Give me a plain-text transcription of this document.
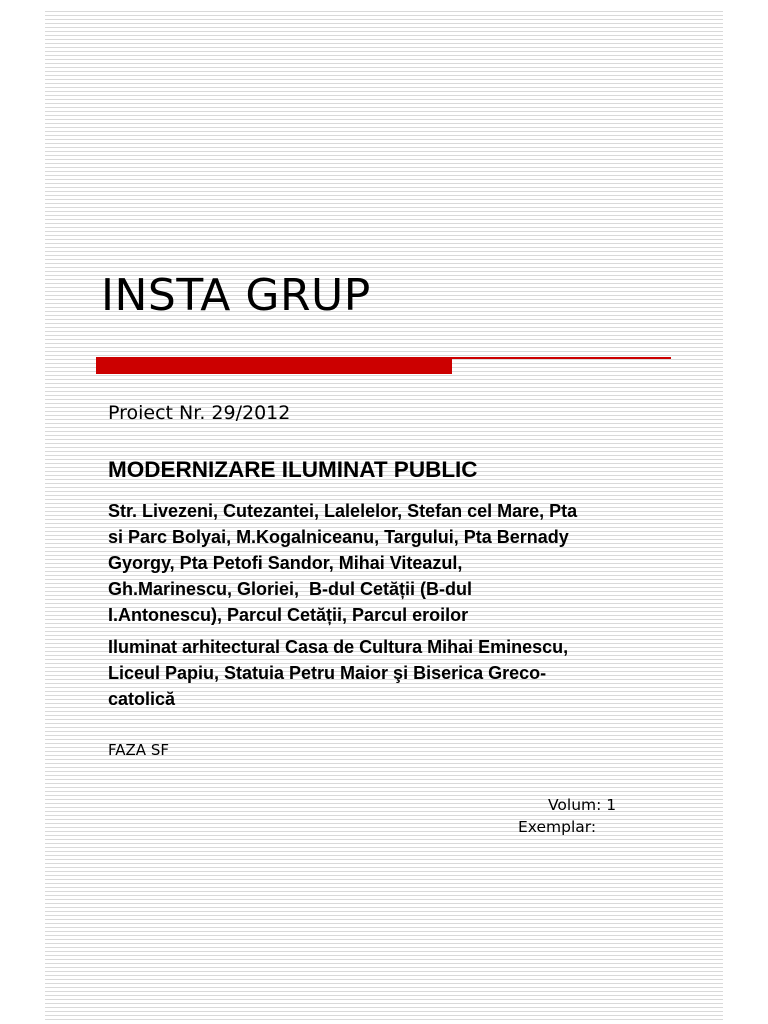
INSTA GRUP
Proiect Nr. 29/2012
MODERNIZARE ILUMINAT PUBLIC
Str. Livezeni, Cutezantei, Lalelelor, Stefan cel Mare, Pta
si Parc Bolyai, M.Kogalniceanu, Targului, Pta Bernady
Gyorgy, Pta Petofi Sandor, Mihai Viteazul,
Gh.Marinescu, Gloriei,  B-dul Cetății (B-dul
I.Antonescu), Parcul Cetății, Parcul eroilor
Iluminat arhitectural Casa de Cultura Mihai Eminescu,
Liceul Papiu, Statuia Petru Maior şi Biserica Greco-
catolică
FAZA SF
Volum: 1
Exemplar:
